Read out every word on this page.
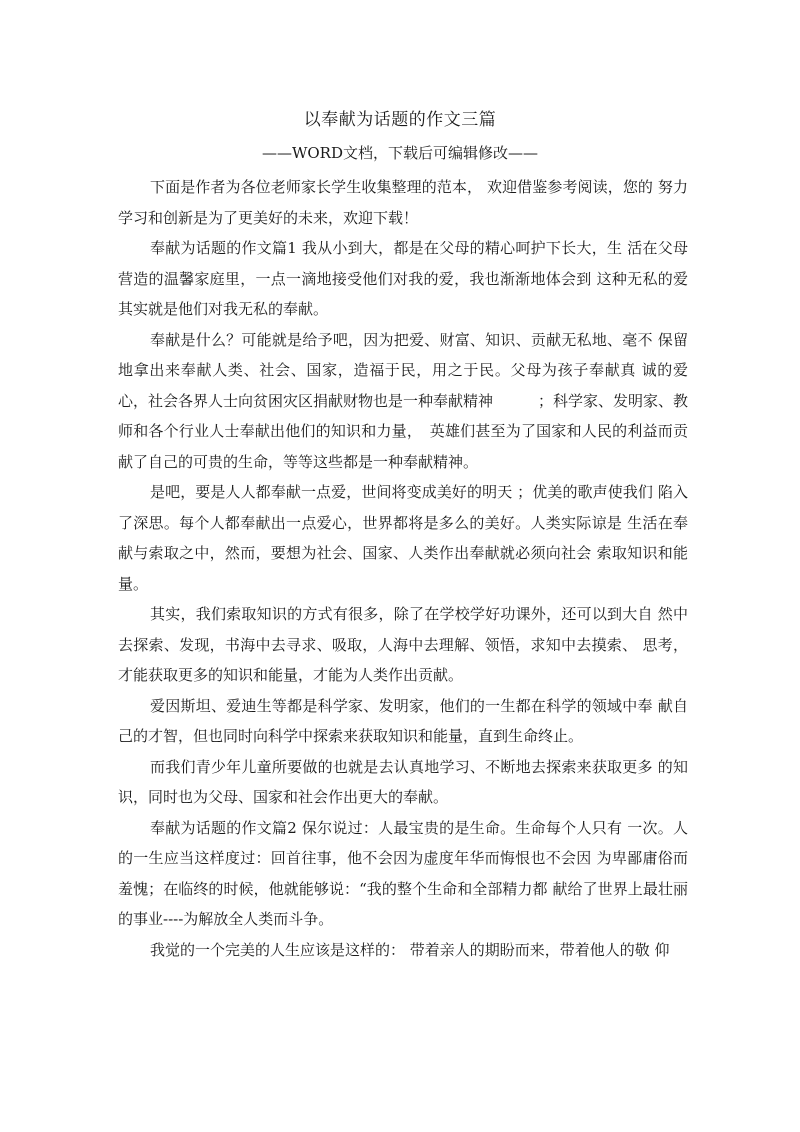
以奉献为话题的作文三篇
——WORD文档，下载后可编辑修改——

下面是作者为各位老师家长学生收集整理的范本， 欢迎借鉴参考阅读，您的 努力学习和创新是为了更美好的未来，欢迎下载！

奉献为话题的作文篇1 我从小到大，都是在父母的精心呵护下长大，生 活在父母营造的温馨家庭里，一点一滴地接受他们对我的爱，我也渐渐地体会到 这种无私的爱其实就是他们对我无私的奉献。

奉献是什么？可能就是给予吧，因为把爱、财富、知识、贡献无私地、毫不 保留地拿出来奉献人类、社会、国家，造福于民，用之于民。父母为孩子奉献真 诚的爱心，社会各界人士向贫困灾区捐献财物也是一种奉献精神　　　；科学家、发明家、教师和各个行业人士奉献出他们的知识和力量，　英雄们甚至为了国家和人民的利益而贡献了自己的可贵的生命，等等这些都是一种奉献精神。

是吧，要是人人都奉献一点爱，世间将变成美好的明天 ；优美的歌声使我们 陷入了深思。每个人都奉献出一点爱心，世界都将是多么的美好。人类实际谅是 生活在奉献与索取之中，然而，要想为社会、国家、人类作出奉献就必须向社会 索取知识和能量。

其实，我们索取知识的方式有很多，除了在学校学好功课外，还可以到大自 然中去探索、发现，书海中去寻求、吸取，人海中去理解、领悟，求知中去摸索、 思考，才能获取更多的知识和能量，才能为人类作出贡献。

爱因斯坦、爱迪生等都是科学家、发明家，他们的一生都在科学的领域中奉 献自己的才智，但也同时向科学中探索来获取知识和能量，直到生命终止。

而我们青少年儿童所要做的也就是去认真地学习、不断地去探索来获取更多 的知识，同时也为父母、国家和社会作出更大的奉献。

奉献为话题的作文篇2 保尔说过：人最宝贵的是生命。生命每个人只有 一次。人的一生应当这样度过：回首往事，他不会因为虚度年华而悔恨也不会因 为卑鄙庸俗而羞愧；在临终的时候，他就能够说：“我的整个生命和全部精力都 献给了世界上最壮丽的事业----为解放全人类而斗争。

我觉的一个完美的人生应该是这样的： 带着亲人的期盼而来，带着他人的敬 仰
